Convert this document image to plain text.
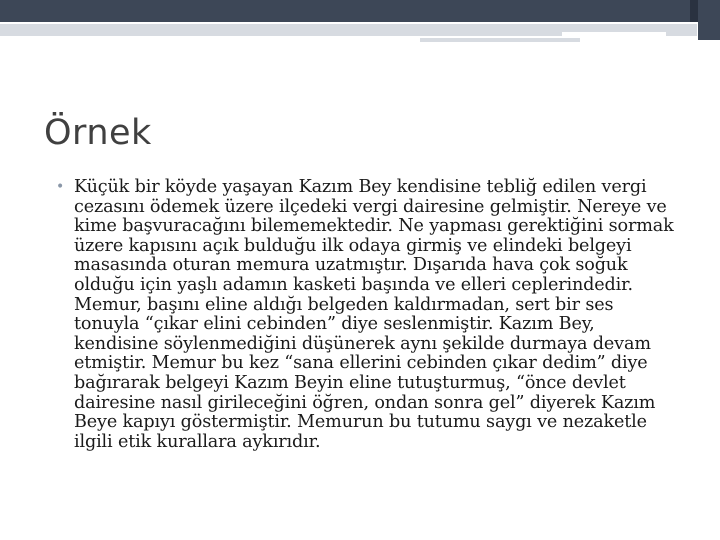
Örnek
• Küçük bir köyde yaşayan Kazım Bey kendisine tebliğ edilen vergi cezasını ödemek üzere ilçedeki vergi dairesine gelmiştir. Nereye ve kime başvuracağını bilememektedir. Ne yapması gerektiğini sormak üzere kapısını açık bulduğu ilk odaya girmiş ve elindeki belgeyi masasında oturan memura uzatmıştır. Dışarıda hava çok soğuk olduğu için yaşlı adamın kasketi başında ve elleri ceplerindedir. Memur, başını eline aldığı belgeden kaldırmadan, sert bir ses tonuyla “çıkar elini cebinden” diye seslenmiştir. Kazım Bey, kendisine söylenmediğini düşünerek aynı şekilde durmaya devam etmiştir. Memur bu kez “sana ellerini cebinden çıkar dedim” diye bağırarak belgeyi Kazım Beyin eline tutuşturmuş, “önce devlet dairesine nasıl girileceğini öğren, ondan sonra gel” diyerek Kazım Beye kapıyı göstermiştir. Memurun bu tutumu saygı ve nezaketle ilgili etik kurallara aykırıdır.
